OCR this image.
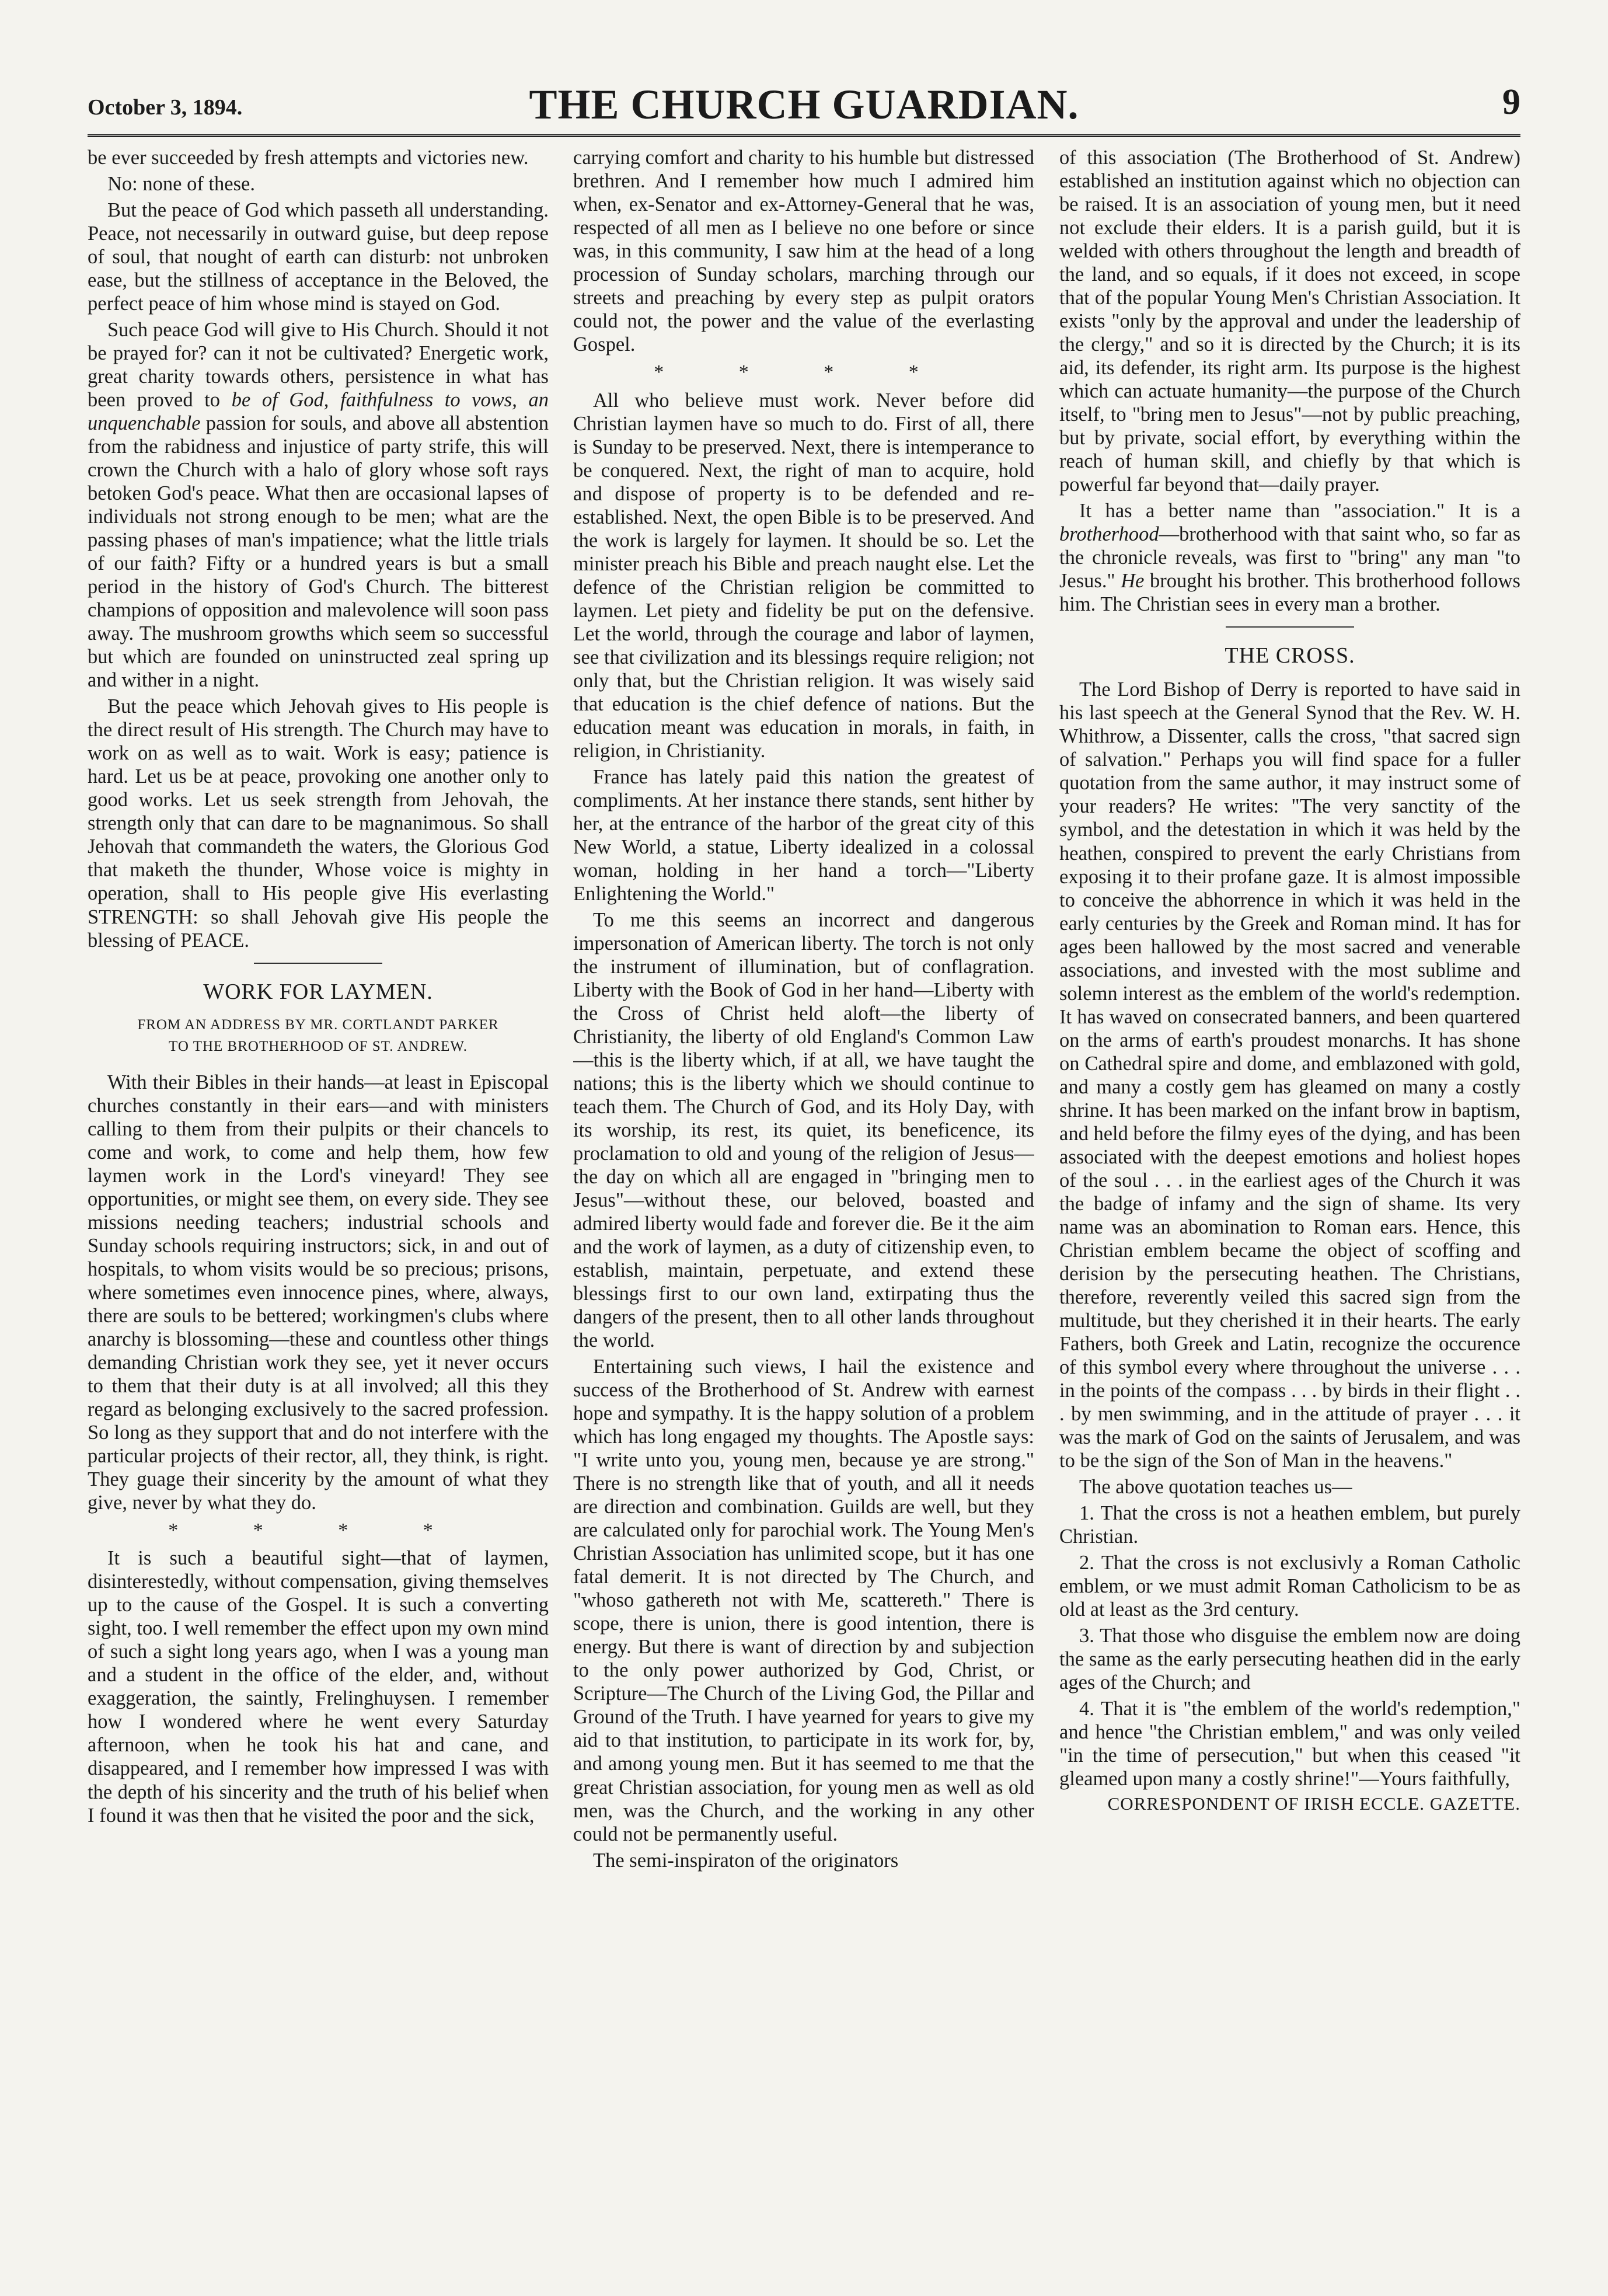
October 3, 1894.	THE CHURCH GUARDIAN.	9

be ever succeeded by fresh attempts and victories new.

No: none of these.

But the peace of God which passeth all understanding. Peace, not necessarily in outward guise, but deep repose of soul, that nought of earth can disturb: not unbroken ease, but the stillness of acceptance in the Beloved, the perfect peace of him whose mind is stayed on God.

Such peace God will give to His Church. Should it not be prayed for? can it not be cultivated? Energetic work, great charity towards others, persistence in what has been proved to be of God, faithfulness to vows, an unquenchable passion for souls, and above all abstention from the rabidness and injustice of party strife, this will crown the Church with a halo of glory whose soft rays betoken God's peace. What then are occasional lapses of individuals not strong enough to be men; what are the passing phases of man's impatience; what the little trials of our faith? Fifty or a hundred years is but a small period in the history of God's Church. The bitterest champions of opposition and malevolence will soon pass away. The mushroom growths which seem so successful but which are founded on uninstructed zeal spring up and wither in a night.

But the peace which Jehovah gives to His people is the direct result of His strength. The Church may have to work on as well as to wait. Work is easy; patience is hard. Let us be at peace, provoking one another only to good works. Let us seek strength from Jehovah, the strength only that can dare to be magnanimous. So shall Jehovah that commandeth the waters, the Glorious God that maketh the thunder, Whose voice is mighty in operation, shall to His people give His everlasting STRENGTH: so shall Jehovah give His people the blessing of PEACE.

WORK FOR LAYMEN.
FROM AN ADDRESS BY MR. CORTLANDT PARKER
TO THE BROTHERHOOD OF ST. ANDREW.

With their Bibles in their hands—at least in Episcopal churches constantly in their ears—and with ministers calling to them from their pulpits or their chancels to come and work, to come and help them, how few laymen work in the Lord's vineyard! They see opportunities, or might see them, on every side. They see missions needing teachers; industrial schools and Sunday schools requiring instructors; sick, in and out of hospitals, to whom visits would be so precious; prisons, where sometimes even innocence pines, where, always, there are souls to be bettered; workingmen's clubs where anarchy is blossoming—these and countless other things demanding Christian work they see, yet it never occurs to them that their duty is at all involved; all this they regard as belonging exclusively to the sacred profession. So long as they support that and do not interfere with the particular projects of their rector, all, they think, is right. They guage their sincerity by the amount of what they give, never by what they do.

* * * *

It is such a beautiful sight—that of laymen, disinterestedly, without compensation, giving themselves up to the cause of the Gospel. It is such a converting sight, too. I well remember the effect upon my own mind of such a sight long years ago, when I was a young man and a student in the office of the elder, and, without exaggeration, the saintly, Frelinghuysen. I remember how I wondered where he went every Saturday afternoon, when he took his hat and cane, and disappeared, and I remember how impressed I was with the depth of his sincerity and the truth of his belief when I found it was then that he visited the poor and the sick,

carrying comfort and charity to his humble but distressed brethren. And I remember how much I admired him when, ex-Senator and ex-Attorney-General that he was, respected of all men as I believe no one before or since was, in this community, I saw him at the head of a long procession of Sunday scholars, marching through our streets and preaching by every step as pulpit orators could not, the power and the value of the everlasting Gospel.

* * * *

All who believe must work. Never before did Christian laymen have so much to do. First of all, there is Sunday to be preserved. Next, there is intemperance to be conquered. Next, the right of man to acquire, hold and dispose of property is to be defended and re-established. Next, the open Bible is to be preserved. And the work is largely for laymen. It should be so. Let the minister preach his Bible and preach naught else. Let the defence of the Christian religion be committed to laymen. Let piety and fidelity be put on the defensive. Let the world, through the courage and labor of laymen, see that civilization and its blessings require religion; not only that, but the Christian religion. It was wisely said that education is the chief defence of nations. But the education meant was education in morals, in faith, in religion, in Christianity.

France has lately paid this nation the greatest of compliments. At her instance there stands, sent hither by her, at the entrance of the harbor of the great city of this New World, a statue, Liberty idealized in a colossal woman, holding in her hand a torch—"Liberty Enlightening the World."

To me this seems an incorrect and dangerous impersonation of American liberty. The torch is not only the instrument of illumination, but of conflagration. Liberty with the Book of God in her hand—Liberty with the Cross of Christ held aloft—the liberty of Christianity, the liberty of old England's Common Law—this is the liberty which, if at all, we have taught the nations; this is the liberty which we should continue to teach them. The Church of God, and its Holy Day, with its worship, its rest, its quiet, its beneficence, its proclamation to old and young of the religion of Jesus—the day on which all are engaged in "bringing men to Jesus"—without these, our beloved, boasted and admired liberty would fade and forever die. Be it the aim and the work of laymen, as a duty of citizenship even, to establish, maintain, perpetuate, and extend these blessings first to our own land, extirpating thus the dangers of the present, then to all other lands throughout the world.

Entertaining such views, I hail the existence and success of the Brotherhood of St. Andrew with earnest hope and sympathy. It is the happy solution of a problem which has long engaged my thoughts. The Apostle says: "I write unto you, young men, because ye are strong." There is no strength like that of youth, and all it needs are direction and combination. Guilds are well, but they are calculated only for parochial work. The Young Men's Christian Association has unlimited scope, but it has one fatal demerit. It is not directed by The Church, and "whoso gathereth not with Me, scattereth." There is scope, there is union, there is good intention, there is energy. But there is want of direction by and subjection to the only power authorized by God, Christ, or Scripture—The Church of the Living God, the Pillar and Ground of the Truth. I have yearned for years to give my aid to that institution, to participate in its work for, by, and among young men. But it has seemed to me that the great Christian association, for young men as well as old men, was the Church, and the working in any other could not be permanently useful.

The semi-inspiraton of the originators

of this association (The Brotherhood of St. Andrew) established an institution against which no objection can be raised. It is an association of young men, but it need not exclude their elders. It is a parish guild, but it is welded with others throughout the length and breadth of the land, and so equals, if it does not exceed, in scope that of the popular Young Men's Christian Association. It exists "only by the approval and under the leadership of the clergy," and so it is directed by the Church; it is its aid, its defender, its right arm. Its purpose is the highest which can actuate humanity—the purpose of the Church itself, to "bring men to Jesus"—not by public preaching, but by private, social effort, by everything within the reach of human skill, and chiefly by that which is powerful far beyond that—daily prayer.

It has a better name than "association." It is a brotherhood—brotherhood with that saint who, so far as the chronicle reveals, was first to "bring" any man "to Jesus." He brought his brother. This brotherhood follows him. The Christian sees in every man a brother.

THE CROSS.

The Lord Bishop of Derry is reported to have said in his last speech at the General Synod that the Rev. W. H. Whithrow, a Dissenter, calls the cross, "that sacred sign of salvation." Perhaps you will find space for a fuller quotation from the same author, it may instruct some of your readers? He writes: "The very sanctity of the symbol, and the detestation in which it was held by the heathen, conspired to prevent the early Christians from exposing it to their profane gaze. It is almost impossible to conceive the abhorrence in which it was held in the early centuries by the Greek and Roman mind. It has for ages been hallowed by the most sacred and venerable associations, and invested with the most sublime and solemn interest as the emblem of the world's redemption. It has waved on consecrated banners, and been quartered on the arms of earth's proudest monarchs. It has shone on Cathedral spire and dome, and emblazoned with gold, and many a costly gem has gleamed on many a costly shrine. It has been marked on the infant brow in baptism, and held before the filmy eyes of the dying, and has been associated with the deepest emotions and holiest hopes of the soul . . . in the earliest ages of the Church it was the badge of infamy and the sign of shame. Its very name was an abomination to Roman ears. Hence, this Christian emblem became the object of scoffing and derision by the persecuting heathen. The Christians, therefore, reverently veiled this sacred sign from the multitude, but they cherished it in their hearts. The early Fathers, both Greek and Latin, recognize the occurence of this symbol every where throughout the universe . . . in the points of the compass . . . by birds in their flight . . . by men swimming, and in the attitude of prayer . . . it was the mark of God on the saints of Jerusalem, and was to be the sign of the Son of Man in the heavens."

The above quotation teaches us—

1. That the cross is not a heathen emblem, but purely Christian.

2. That the cross is not exclusivly a Roman Catholic emblem, or we must admit Roman Catholicism to be as old at least as the 3rd century.

3. That those who disguise the emblem now are doing the same as the early persecuting heathen did in the early ages of the Church; and

4. That it is "the emblem of the world's redemption," and hence "the Christian emblem," and was only veiled "in the time of persecution," but when this ceased "it gleamed upon many a costly shrine!"—Yours faithfully,

CORRESPONDENT OF IRISH ECCLE. GAZETTE.
